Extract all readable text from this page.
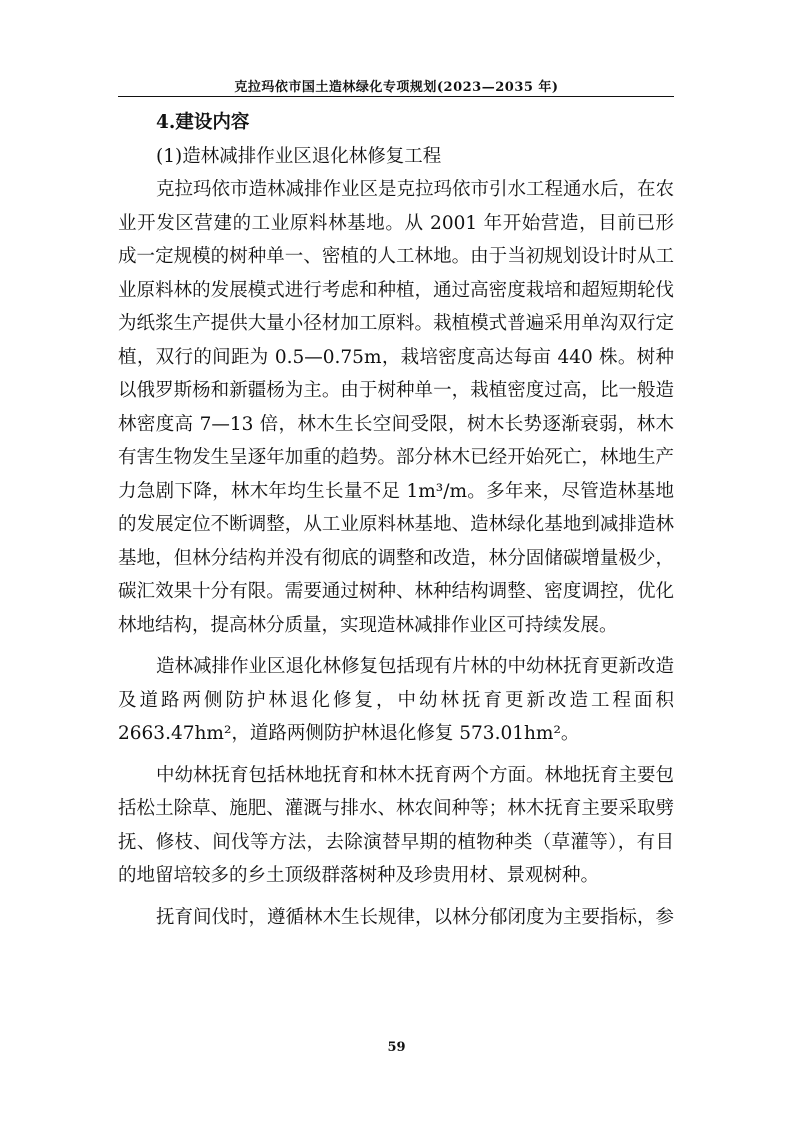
克拉玛依市国土造林绿化专项规划(2023—2035 年)

4.建设内容

(1)造林减排作业区退化林修复工程

克拉玛依市造林减排作业区是克拉玛依市引水工程通水后，在农业开发区营建的工业原料林基地。从 2001 年开始营造，目前已形成一定规模的树种单一、密植的人工林地。由于当初规划设计时从工业原料林的发展模式进行考虑和种植，通过高密度栽培和超短期轮伐为纸浆生产提供大量小径材加工原料。栽植模式普遍采用单沟双行定植，双行的间距为 0.5—0.75m，栽培密度高达每亩 440 株。树种以俄罗斯杨和新疆杨为主。由于树种单一，栽植密度过高，比一般造林密度高 7—13 倍，林木生长空间受限，树木长势逐渐衰弱，林木有害生物发生呈逐年加重的趋势。部分林木已经开始死亡，林地生产力急剧下降，林木年均生长量不足 1m³/m。多年来，尽管造林基地的发展定位不断调整，从工业原料林基地、造林绿化基地到减排造林基地，但林分结构并没有彻底的调整和改造，林分固储碳增量极少，碳汇效果十分有限。需要通过树种、林种结构调整、密度调控，优化林地结构，提高林分质量，实现造林减排作业区可持续发展。

造林减排作业区退化林修复包括现有片林的中幼林抚育更新改造及道路两侧防护林退化修复，中幼林抚育更新改造工程面积 2663.47hm²，道路两侧防护林退化修复 573.01hm²。

中幼林抚育包括林地抚育和林木抚育两个方面。林地抚育主要包括松土除草、施肥、灌溉与排水、林农间种等；林木抚育主要采取劈抚、修枝、间伐等方法，去除演替早期的植物种类（草灌等），有目的地留培较多的乡土顶级群落树种及珍贵用材、景观树种。

抚育间伐时，遵循林木生长规律，以林分郁闭度为主要指标，参

59
